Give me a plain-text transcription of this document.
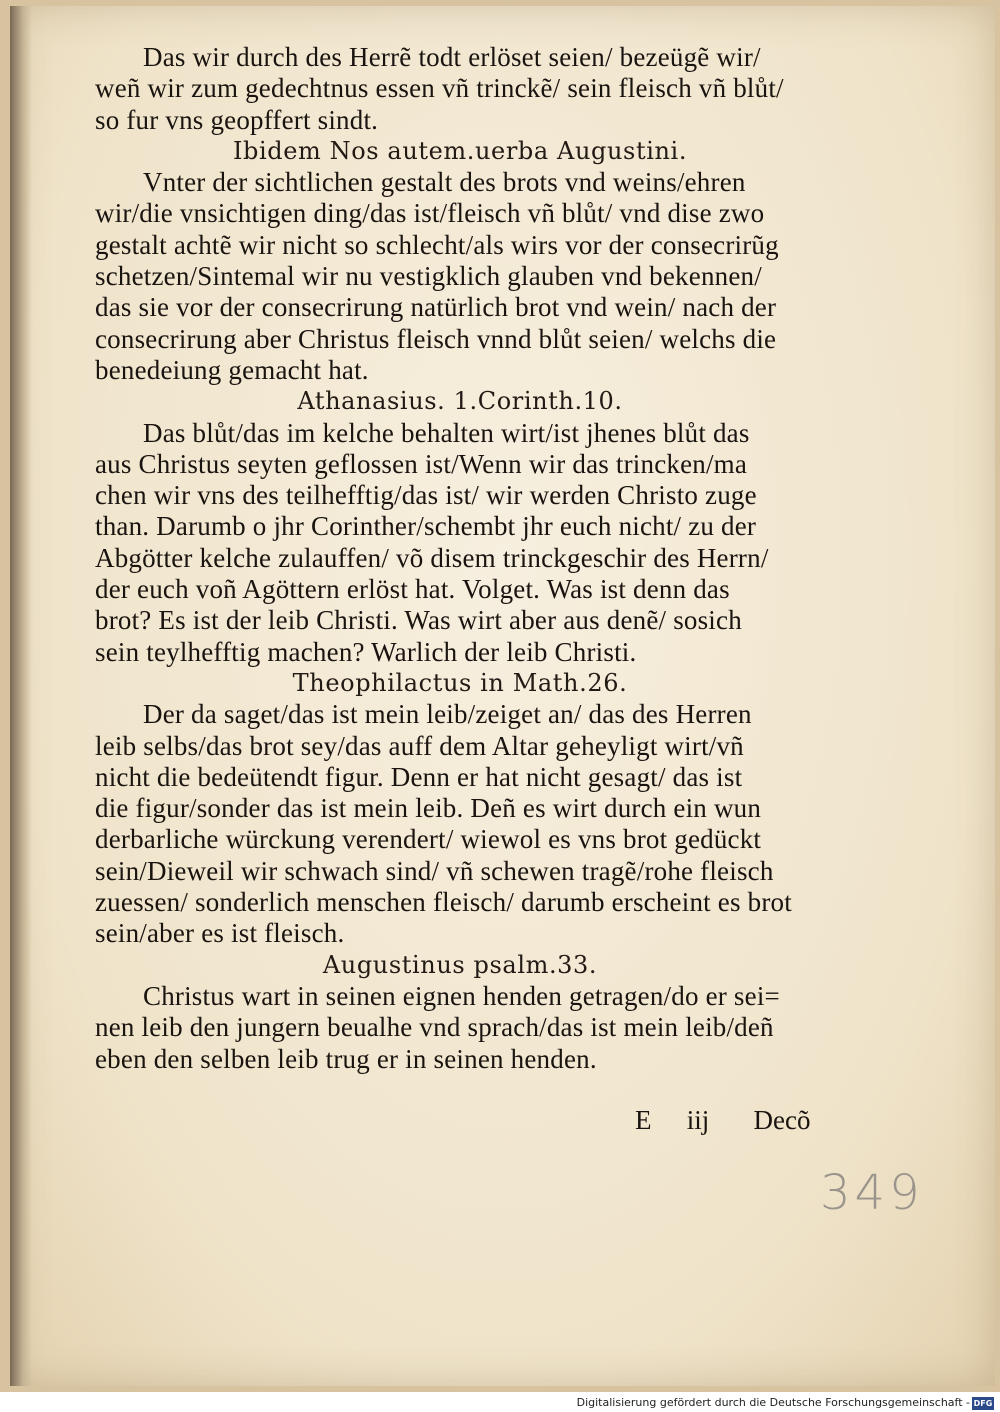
Das wir durch des Herrẽ todt erlöset seien/ bezeügẽ wir/
weñ wir zum gedechtnus essen vñ trinckẽ/ sein fleisch vñ blůt/
so fur vns geopffert sindt.
Ibidem Nos autem.uerba Augustini.
Vnter der sichtlichen gestalt des brots vnd weins/ehren
wir/die vnsichtigen ding/das ist/fleisch vñ blůt/ vnd dise zwo
gestalt achtẽ wir nicht so schlecht/als wirs vor der consecrirũg
schetzen/Sintemal wir nu vestigklich glauben vnd bekennen/
das sie vor der consecrirung natürlich brot vnd wein/ nach der
consecrirung aber Christus fleisch vnnd blůt seien/ welchs die
benedeiung gemacht hat.
Athanasius. 1.Corinth.10.
Das blůt/das im kelche behalten wirt/ist jhenes blůt das
aus Christus seyten geflossen ist/Wenn wir das trincken/ma
chen wir vns des teilhefftig/das ist/ wir werden Christo zuge
than. Darumb o jhr Corinther/schembt jhr euch nicht/ zu der
Abgötter kelche zulauffen/ võ disem trinckgeschir des Herrn/
der euch voñ Agöttern erlöst hat. Volget. Was ist denn das
brot? Es ist der leib Christi. Was wirt aber aus denẽ/ sosich
sein teylhefftig machen? Warlich der leib Christi.
Theophilactus in Math.26.
Der da saget/das ist mein leib/zeiget an/ das des Herren
leib selbs/das brot sey/das auff dem Altar geheyligt wirt/vñ
nicht die bedeütendt figur. Denn er hat nicht gesagt/ das ist
die figur/sonder das ist mein leib. Deñ es wirt durch ein wun
derbarliche würckung verendert/ wiewol es vns brot gedückt
sein/Dieweil wir schwach sind/ vñ schewen tragẽ/rohe fleisch
zuessen/ sonderlich menschen fleisch/ darumb erscheint es brot
sein/aber es ist fleisch.
Augustinus psalm.33.
Christus wart in seinen eignen henden getragen/do er sei=
nen leib den jungern beualhe vnd sprach/das ist mein leib/deñ
eben den selben leib trug er in seinen henden.
E iij Decõ
349
Digitalisierung gefördert durch die Deutsche Forschungsgemeinschaft - DFG
